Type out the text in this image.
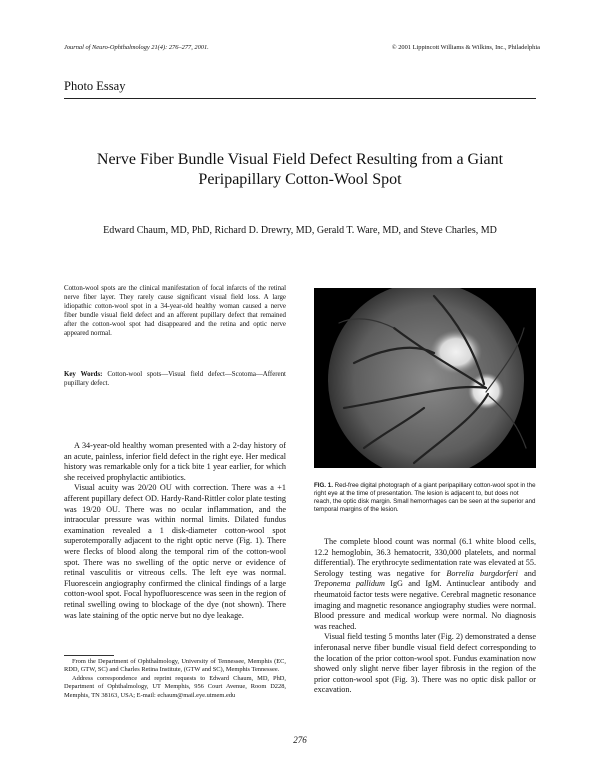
Journal of Neuro-Ophthalmology 21(4): 276–277, 2001.	© 2001 Lippincott Williams & Wilkins, Inc., Philadelphia
Photo Essay
Nerve Fiber Bundle Visual Field Defect Resulting from a Giant
Peripapillary Cotton-Wool Spot
Edward Chaum, MD, PhD, Richard D. Drewry, MD, Gerald T. Ware, MD, and Steve Charles, MD
Cotton-wool spots are the clinical manifestation of focal infarcts of the retinal nerve fiber layer. They rarely cause significant visual field loss. A large idiopathic cotton-wool spot in a 34-year-old healthy woman caused a nerve fiber bundle visual field defect and an afferent pupillary defect that remained after the cotton-wool spot had disappeared and the retina and optic nerve appeared normal.
Key Words: Cotton-wool spots—Visual field defect—Scotoma—Afferent pupillary defect.

A 34-year-old healthy woman presented with a 2-day history of an acute, painless, inferior field defect in the right eye. Her medical history was remarkable only for a tick bite 1 year earlier, for which she received prophylactic antibiotics.

Visual acuity was 20/20 OU with correction. There was a +1 afferent pupillary defect OD. Hardy-Rand-Rittler color plate testing was 19/20 OU. There was no ocular inflammation, and the intraocular pressure was within normal limits. Dilated fundus examination revealed a 1 disk-diameter cotton-wool spot superotemporally adjacent to the right optic nerve (Fig. 1). There were flecks of blood along the temporal rim of the cotton-wool spot. There was no swelling of the optic nerve or evidence of retinal vasculitis or vitreous cells. The left eye was normal. Fluorescein angiography confirmed the clinical findings of a large cotton-wool spot. Focal hypofluorescence was seen in the region of retinal swelling owing to blockage of the dye (not shown). There was late staining of the optic nerve but no dye leakage.

From the Department of Ophthalmology, University of Tennessee, Memphis (EC, RDD, GTW, SC) and Charles Retina Institute, (GTW and SC), Memphis Tennessee.

Address correspondence and reprint requests to Edward Chaum, MD, PhD, Department of Ophthalmology, UT Memphis, 956 Court Avenue, Room D228, Memphis, TN 38163, USA; E-mail: echaum@mail.eye.utmem.edu

FIG. 1. Red-free digital photograph of a giant peripapillary cotton-wool spot in the right eye at the time of presentation. The lesion is adjacent to, but does not reach, the optic disk margin. Small hemorrhages can be seen at the superior and temporal margins of the lesion.

The complete blood count was normal (6.1 white blood cells, 12.2 hemoglobin, 36.3 hematocrit, 330,000 platelets, and normal differential). The erythrocyte sedimentation rate was elevated at 55. Serology testing was negative for Borrelia burgdorferi and Treponema pallidum IgG and IgM. Antinuclear antibody and rheumatoid factor tests were negative. Cerebral magnetic resonance imaging and magnetic resonance angiography studies were normal. Blood pressure and medical workup were normal. No diagnosis was reached.

Visual field testing 5 months later (Fig. 2) demonstrated a dense inferonasal nerve fiber bundle visual field defect corresponding to the location of the prior cotton-wool spot. Fundus examination now showed only slight nerve fiber layer fibrosis in the region of the prior cotton-wool spot (Fig. 3). There was no optic disk pallor or excavation.

276
